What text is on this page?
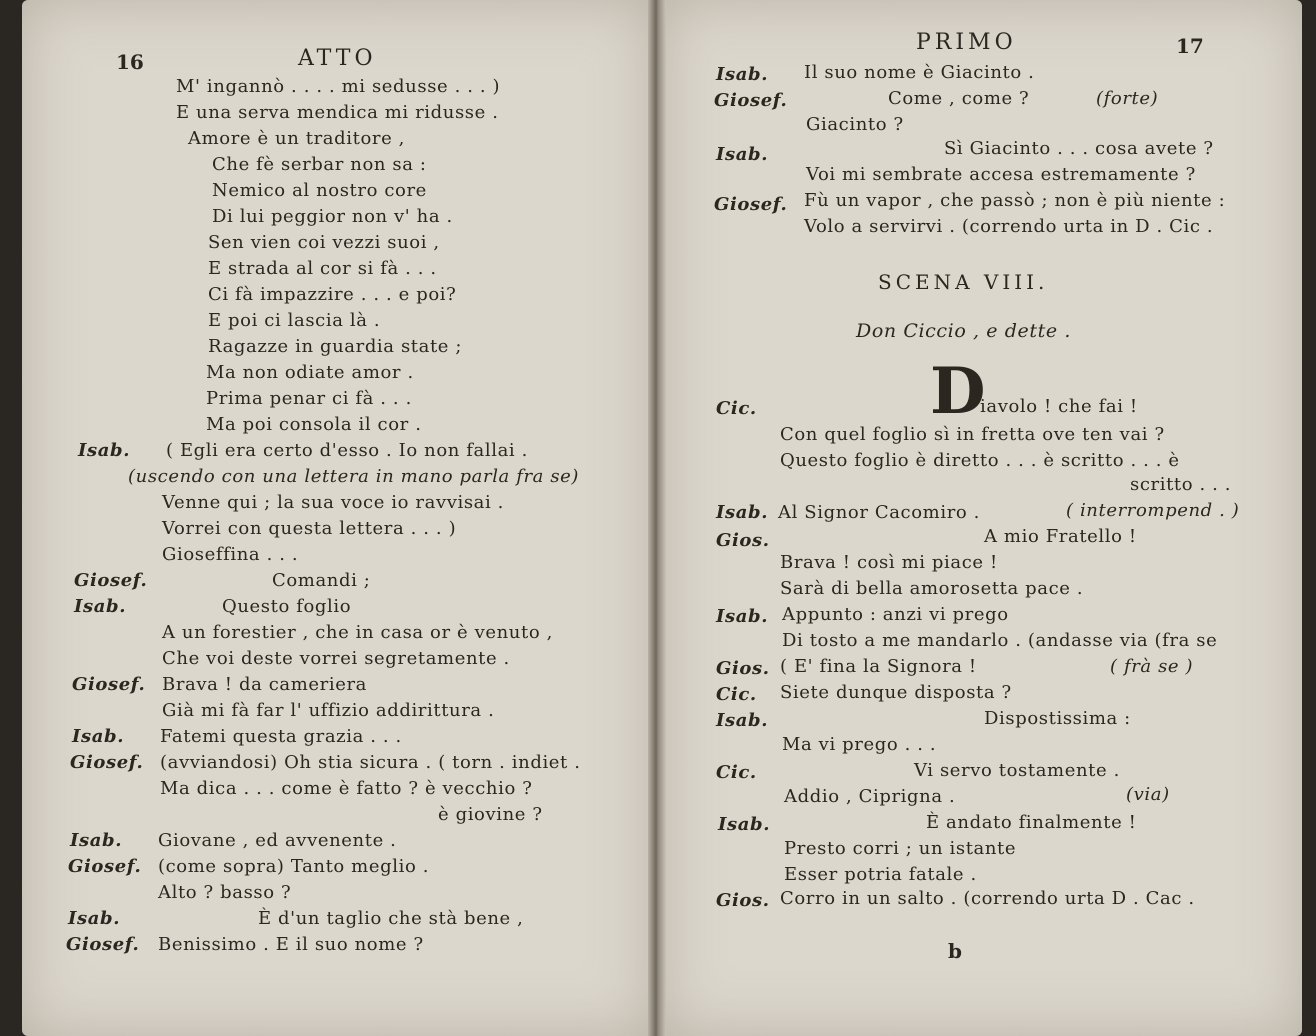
16	ATTO
M' ingannò . . . . mi sedusse . . . )
E una serva mendica mi ridusse .
Amore è un traditore ,
Che fè serbar non sa :
Nemico al nostro core
Di lui peggior non v' ha .
Sen vien coi vezzi suoi ,
E strada al cor si fà . . .
Ci fà impazzire . . . e poi?
E poi ci lascia là .
Ragazze in guardia state ;
Ma non odiate amor .
Prima penar ci fà . . .
Ma poi consola il cor .
Isab. ( Egli era certo d'esso . Io non fallai .
(uscendo con una lettera in mano parla fra se)
Venne qui ; la sua voce io ravvisai .
Vorrei con questa lettera . . . )
Gioseffina . . .
Giosef.	Comandi ;
Isab.	Questo foglio
A un forestier , che in casa or è venuto ,
Che voi deste vorrei segretamente .
Giosef. Brava ! da cameriera
Già mi fà far l' uffizio addirittura .
Isab. Fatemi questa grazia . . .
Giosef. (avviandosi) Oh stia sicura . ( torn . indiet .
Ma dica . . . come è fatto ? è vecchio ?
è giovine ?
Isab. Giovane , ed avvenente .
Giosef. (come sopra) Tanto meglio .
Alto ? basso ?
Isab.	È d'un taglio che stà bene ,
Giosef. Benissimo . E il suo nome ?
PRIMO	17
Isab. Il suo nome è Giacinto .
Giosef.	Come , come ?	(forte)
Giacinto ?
Isab.	Sì Giacinto . . . cosa avete ?
Voi mi sembrate accesa estremamente ?
Giosef. Fù un vapor , che passò ; non è più niente :
Volo a servirvi . (correndo urta in D . Cic .
SCENA VIII.
Don Ciccio , e dette .
D
Cic.	iavolo ! che fai !
Con quel foglio sì in fretta ove ten vai ?
Questo foglio è diretto . . . è scritto . . . è
scritto . . .
Isab. Al Signor Cacomiro .	( interrompend . )
Gios.	A mio Fratello !
Brava ! così mi piace !
Sarà di bella amorosetta pace .
Isab. Appunto : anzi vi prego
Di tosto a me mandarlo . (andasse via (fra se
Gios. ( E' fina la Signora !	( frà se )
Cic. Siete dunque disposta ?
Isab.	Dispostissima :
Ma vi prego . . .
Cic.	Vi servo tostamente .
Addio , Ciprigna .	(via)
Isab.	È andato finalmente !
Presto corri ; un istante
Esser potria fatale .
Gios. Corro in un salto . (correndo urta D . Cac .
b
